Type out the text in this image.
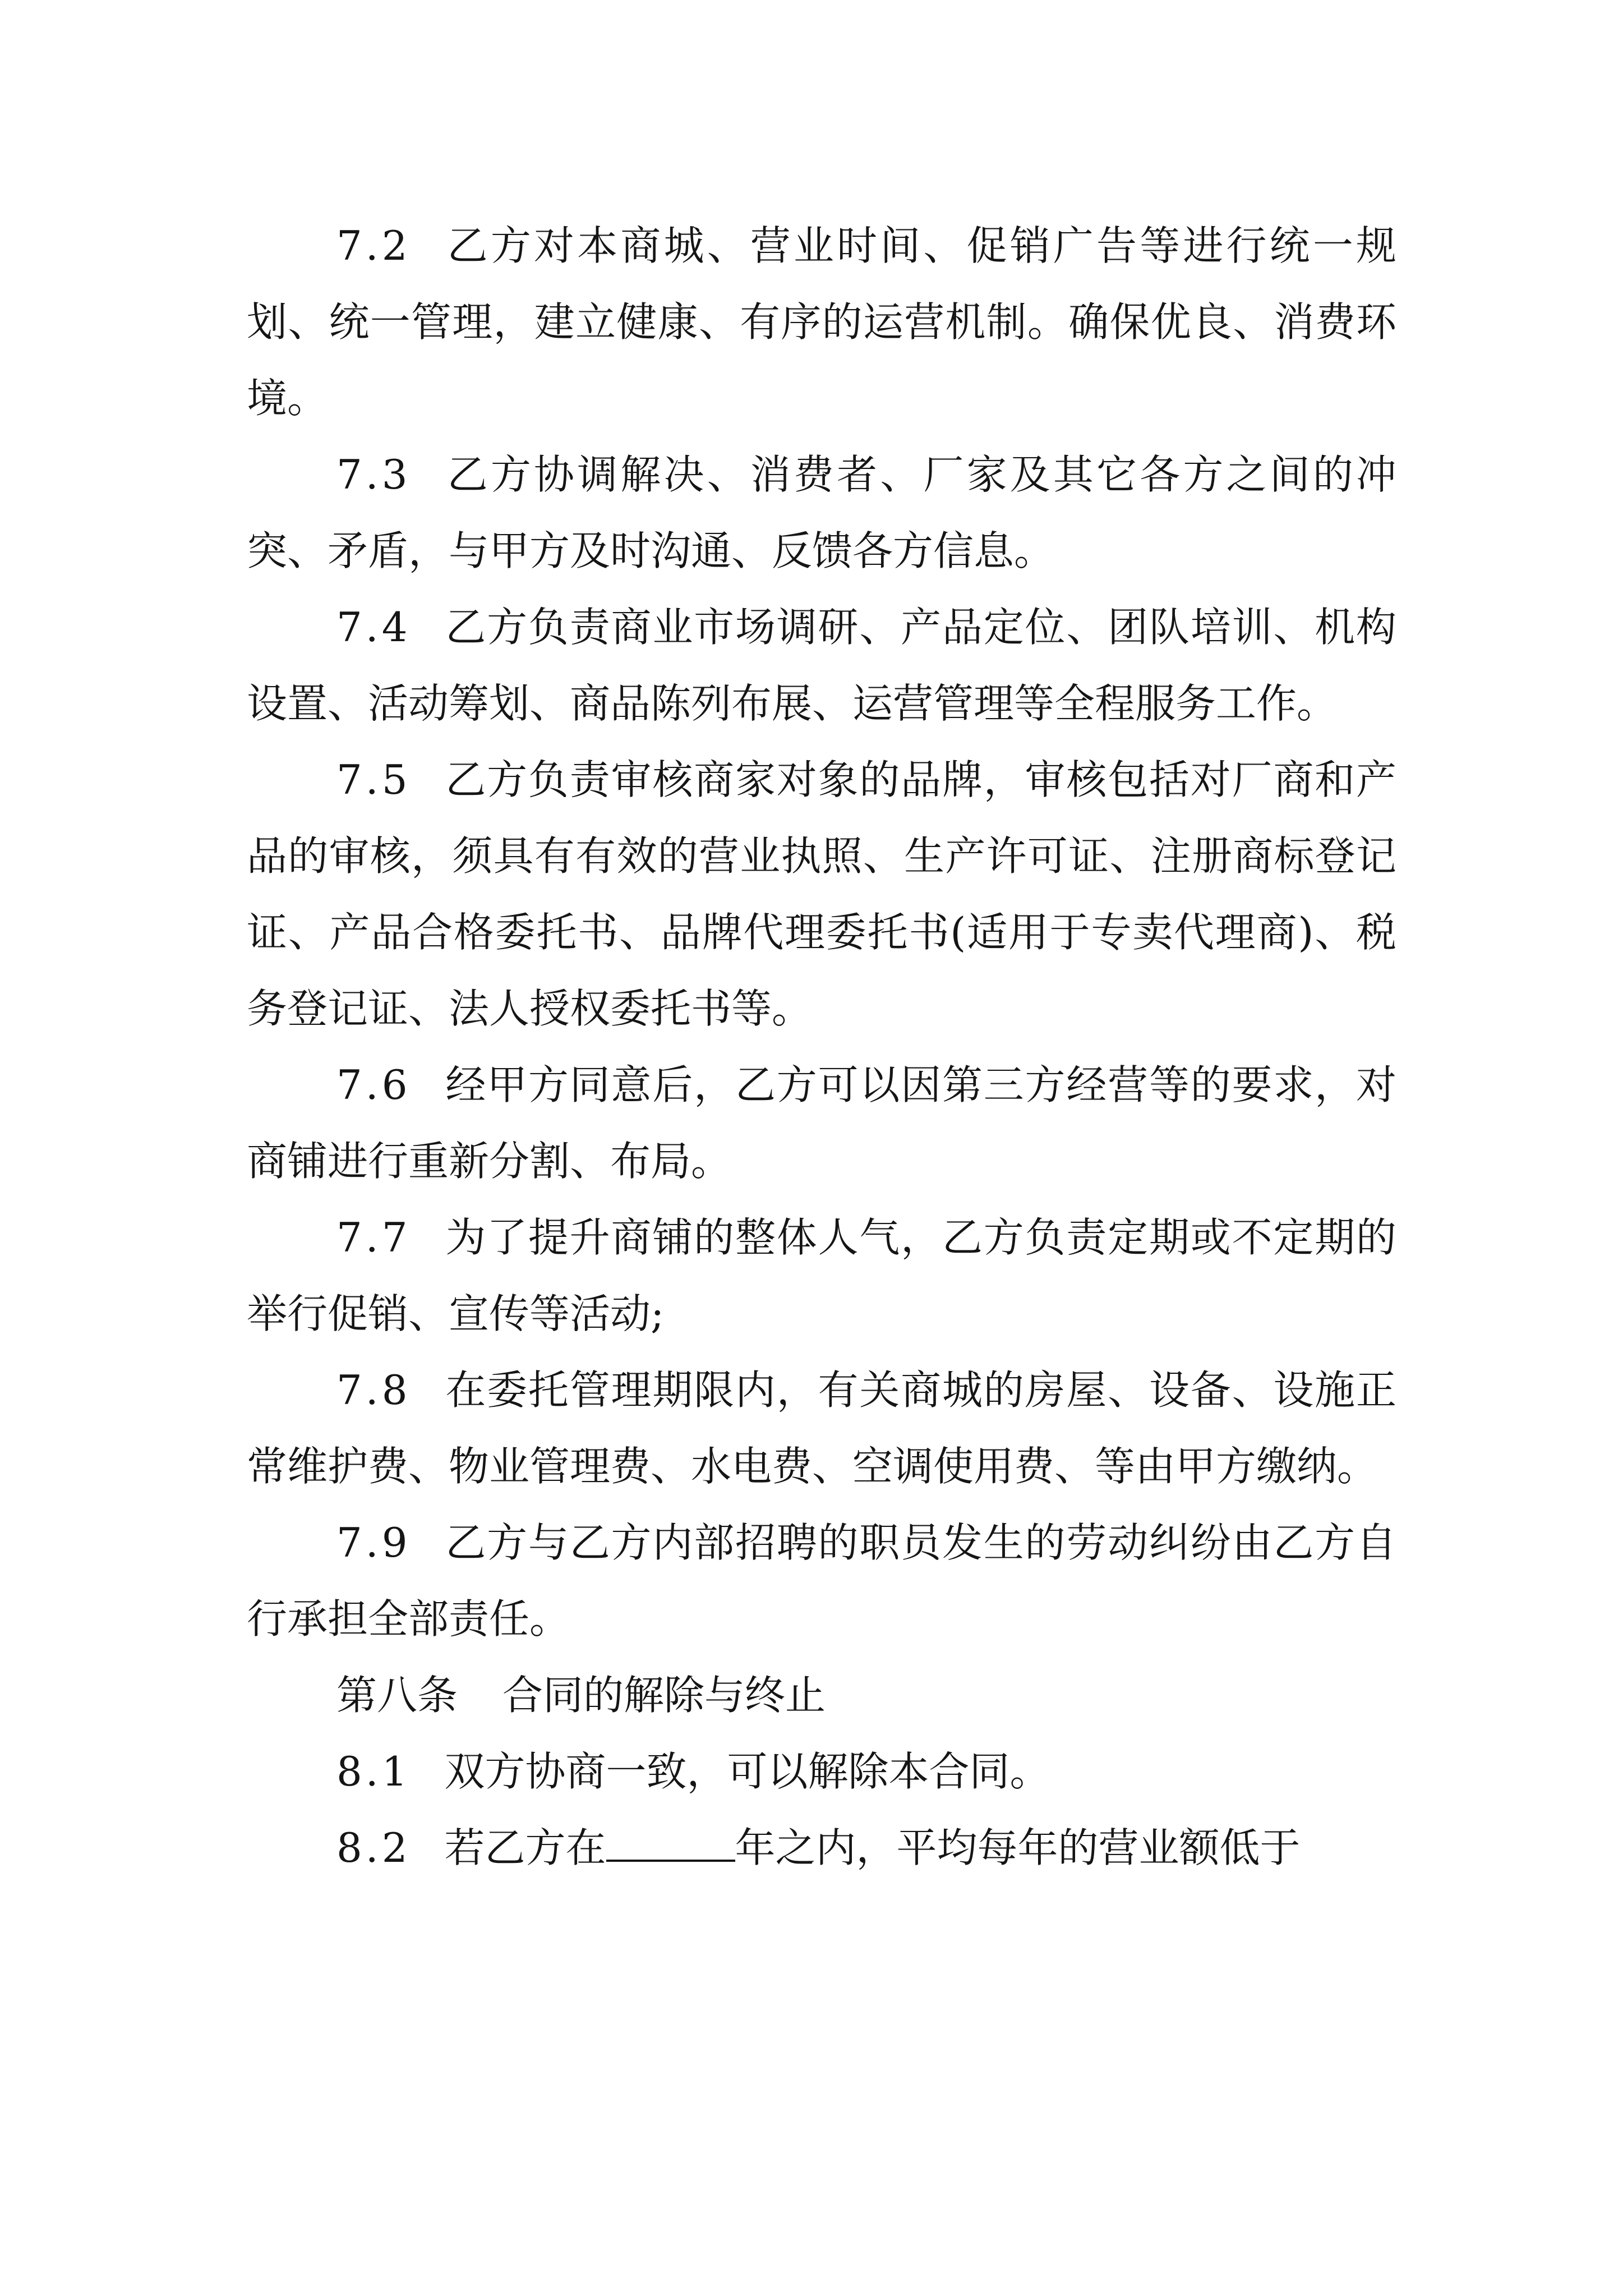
7.2 乙方对本商城、营业时间、促销广告等进行统一规划、统一管理，建立健康、有序的运营机制。确保优良、消费环境。

7.3 乙方协调解决、消费者、厂家及其它各方之间的冲突、矛盾，与甲方及时沟通、反馈各方信息。

7.4 乙方负责商业市场调研、产品定位、团队培训、机构设置、活动筹划、商品陈列布展、运营管理等全程服务工作。

7.5 乙方负责审核商家对象的品牌，审核包括对厂商和产品的审核，须具有有效的营业执照、生产许可证、注册商标登记证、产品合格委托书、品牌代理委托书(适用于专卖代理商)、税务登记证、法人授权委托书等。

7.6 经甲方同意后，乙方可以因第三方经营等的要求，对商铺进行重新分割、布局。

7.7 为了提升商铺的整体人气，乙方负责定期或不定期的举行促销、宣传等活动;

7.8 在委托管理期限内，有关商城的房屋、设备、设施正常维护费、物业管理费、水电费、空调使用费、等由甲方缴纳。

7.9 乙方与乙方内部招聘的职员发生的劳动纠纷由乙方自行承担全部责任。

第八条 合同的解除与终止

8.1 双方协商一致，可以解除本合同。

8.2 若乙方在	年之内，平均每年的营业额低于
